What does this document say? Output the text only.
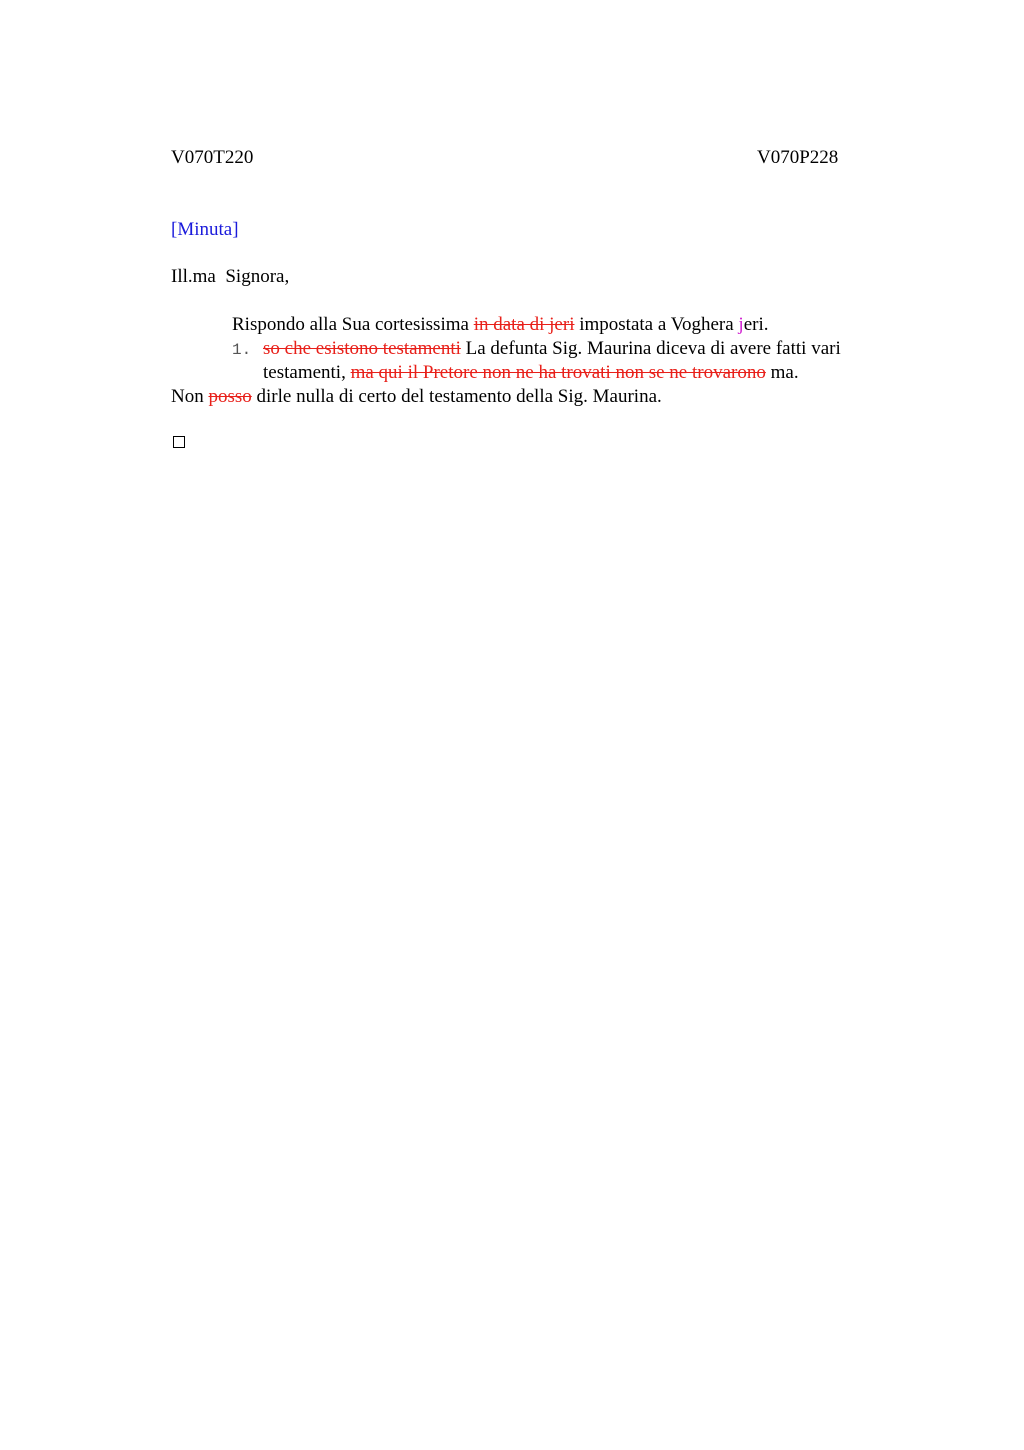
V070T220	V070P228
[Minuta]
Ill.ma  Signora,
Rispondo alla Sua cortesissima in data di jeri impostata a Voghera jeri.
1. so che esistono testamenti La defunta Sig. Maurina diceva di avere fatti vari testamenti, ma qui il Pretore non ne ha trovati non se ne trovarono ma.
Non posso dirle nulla di certo del testamento della Sig. Maurina.
